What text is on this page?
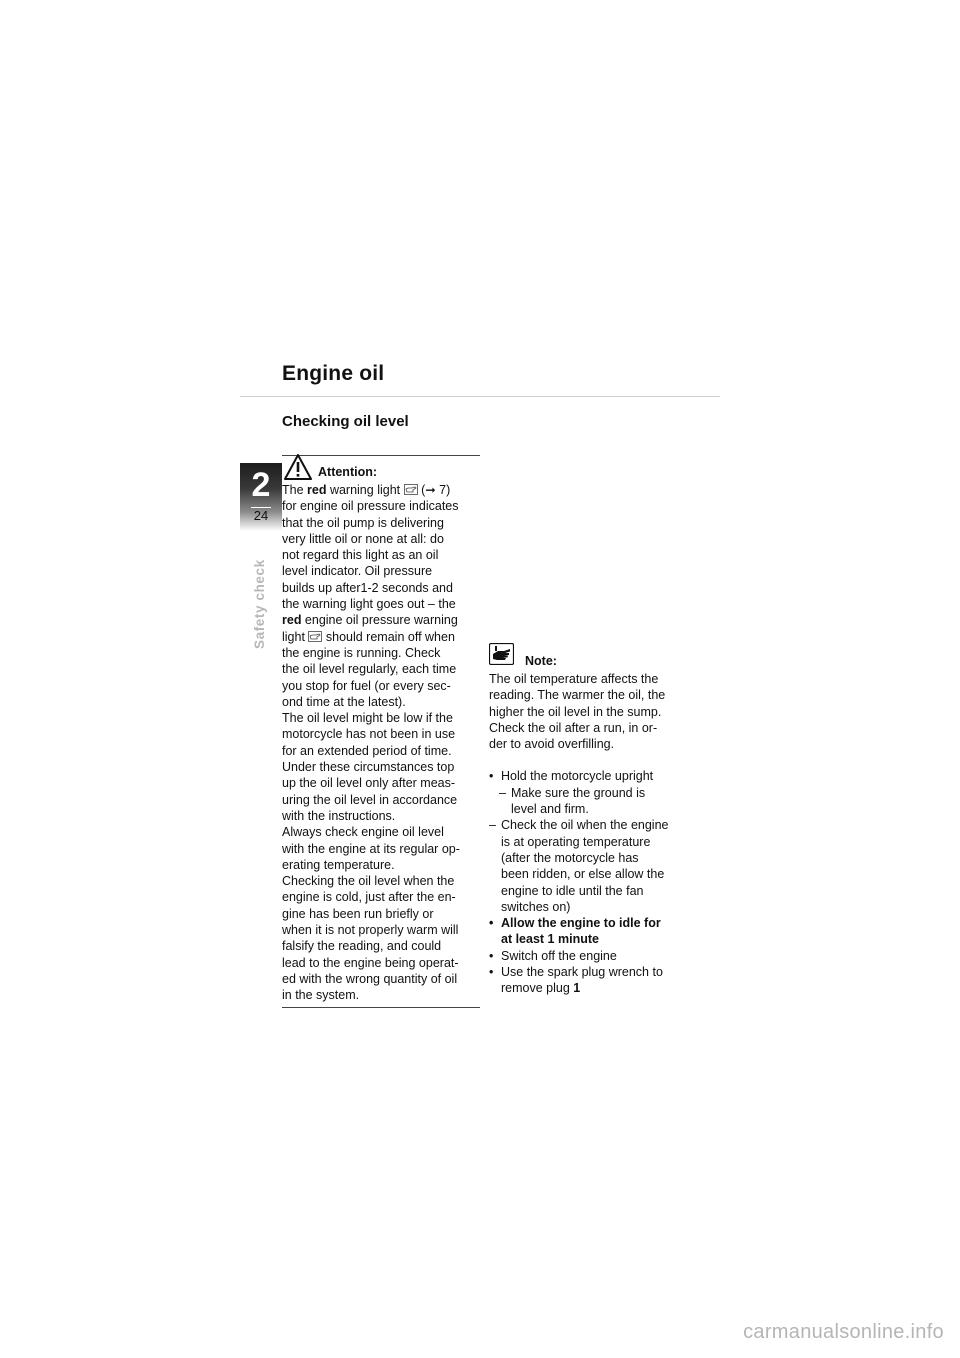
Engine oil
Checking oil level
2
24
Safety check
Attention:
The red warning light  (➞ 7)
for engine oil pressure indicates
that the oil pump is delivering
very little oil or none at all: do
not regard this light as an oil
level indicator. Oil pressure
builds up after1-2 seconds and
the warning light goes out – the
red engine oil pressure warning
light  should remain off when
the engine is running. Check
the oil level regularly, each time
you stop for fuel (or every sec-
ond time at the latest).
The oil level might be low if the
motorcycle has not been in use
for an extended period of time.
Under these circumstances top
up the oil level only after meas-
uring the oil level in accordance
with the instructions.
Always check engine oil level
with the engine at its regular op-
erating temperature.
Checking the oil level when the
engine is cold, just after the en-
gine has been run briefly or
when it is not properly warm will
falsify the reading, and could
lead to the engine being operat-
ed with the wrong quantity of oil
in the system.
Note:
The oil temperature affects the
reading. The warmer the oil, the
higher the oil level in the sump.
Check the oil after a run, in or-
der to avoid overfilling.
• Hold the motorcycle upright
– Make sure the ground is
level and firm.
– Check the oil when the engine
is at operating temperature
(after the motorcycle has
been ridden, or else allow the
engine to idle until the fan
switches on)
• Allow the engine to idle for
at least 1 minute
• Switch off the engine
• Use the spark plug wrench to
remove plug 1
carmanualsonline.info
